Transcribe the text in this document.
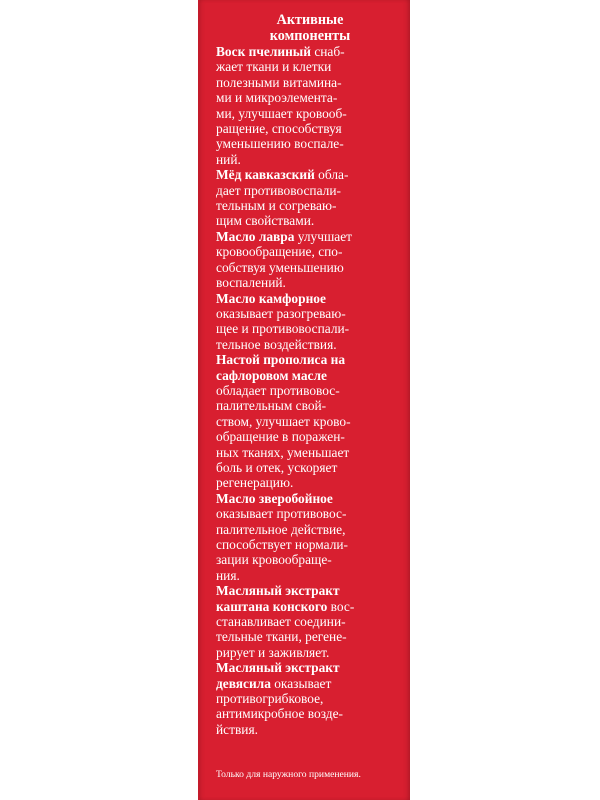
Активные
компоненты
Воск пчелиный снаб-
жает ткани и клетки
полезными витамина-
ми и микроэлемента-
ми, улучшает кровооб-
ращение, способствуя
уменьшению воспале-
ний.
Мёд кавказский обла-
дает противовоспали-
тельным и согреваю-
щим свойствами.
Масло лавра улучшает
кровообращение, спо-
собствуя уменьшению
воспалений.
Масло камфорное
оказывает разогреваю-
щее и противовоспали-
тельное воздействия.
Настой прополиса на
сафлоровом масле
обладает противовос-
палительным свой-
ством, улучшает крово-
обращение в поражен-
ных тканях, уменьшает
боль и отек, ускоряет
регенерацию.
Масло зверобойное
оказывает противовос-
палительное действие,
способствует нормали-
зации кровообраще-
ния.
Масляный экстракт
каштана конского вос-
станавливает соедини-
тельные ткани, регене-
рирует и заживляет.
Масляный экстракт
девясила оказывает
противогрибковое,
антимикробное возде-
йствия.
Только для наружного применения.
